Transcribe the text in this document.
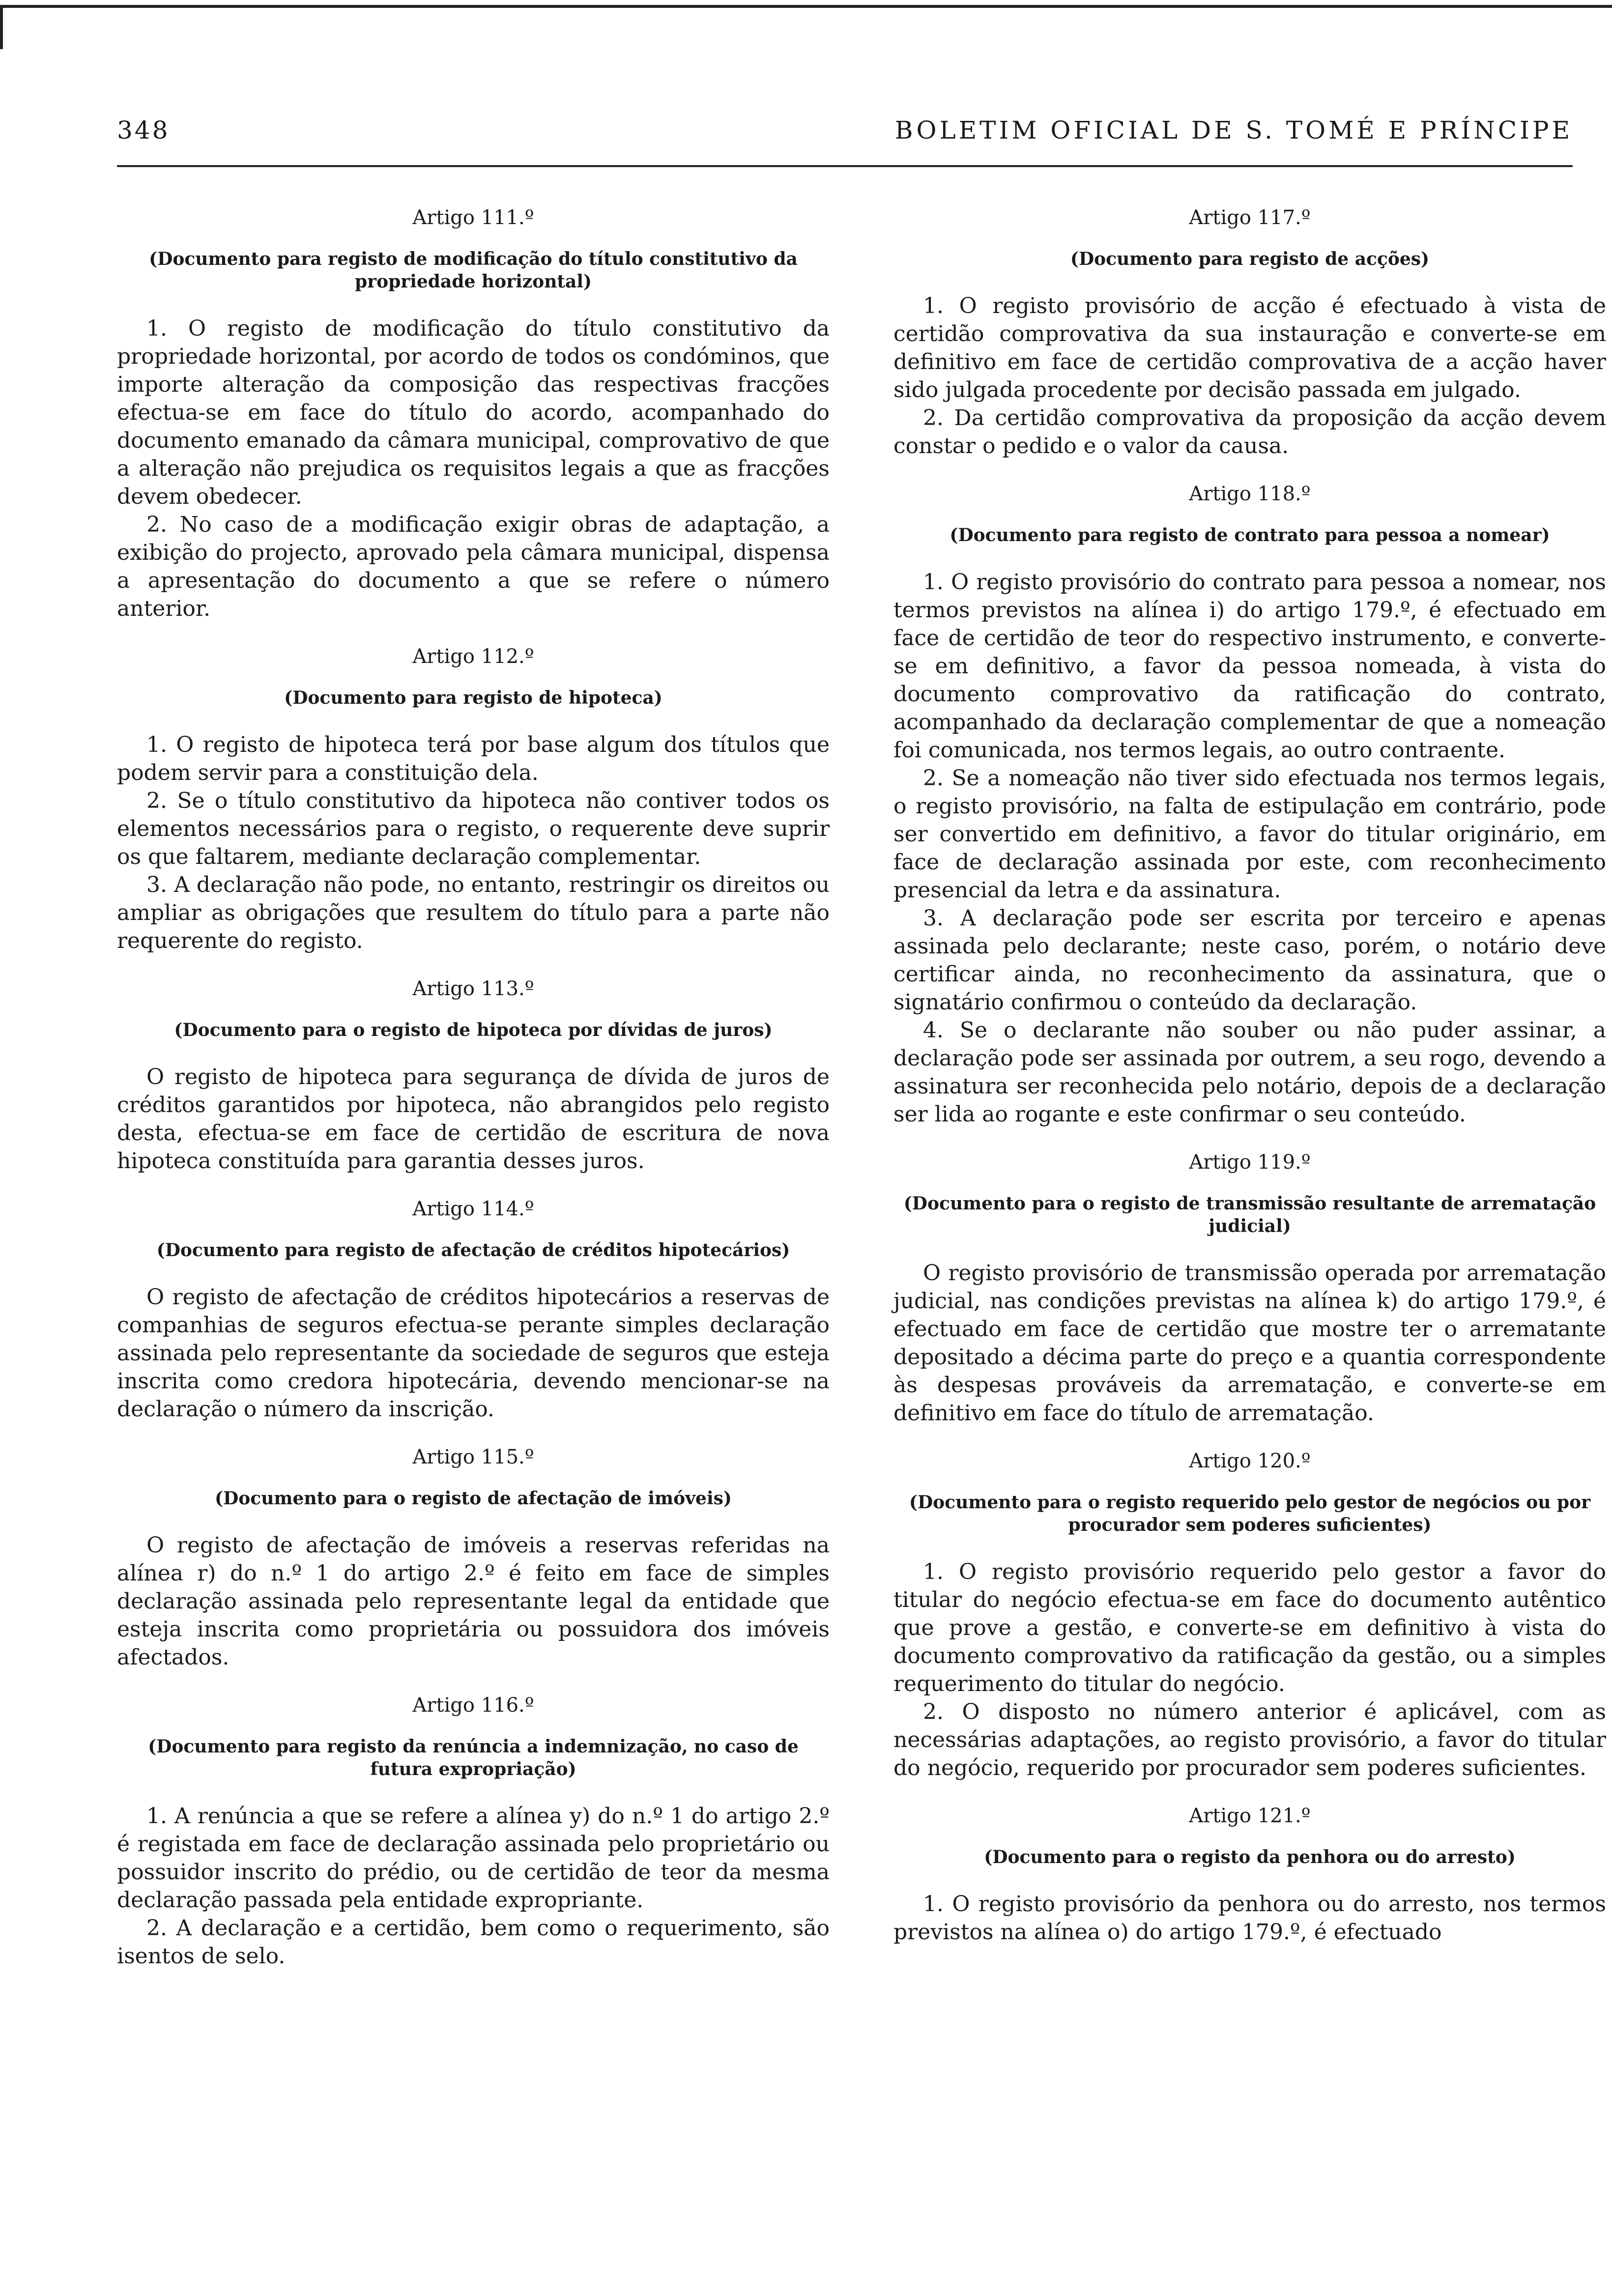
348	BOLETIM OFICIAL DE S. TOMÉ E PRÍNCIPE
Artigo 111.º
(Documento para registo de modificação do título constitutivo da propriedade horizontal)

1. O registo de modificação do título constitutivo da propriedade horizontal, por acordo de todos os condóminos, que importe alteração da composição das respectivas fracções efectua-se em face do título do acordo, acompanhado do documento emanado da câmara municipal, comprovativo de que a alteração não prejudica os requisitos legais a que as fracções devem obedecer.

2. No caso de a modificação exigir obras de adaptação, a exibição do projecto, aprovado pela câmara municipal, dispensa a apresentação do documento a que se refere o número anterior.

Artigo 112.º
(Documento para registo de hipoteca)

1. O registo de hipoteca terá por base algum dos títulos que podem servir para a constituição dela.

2. Se o título constitutivo da hipoteca não contiver todos os elementos necessários para o registo, o requerente deve suprir os que faltarem, mediante declaração complementar.

3. A declaração não pode, no entanto, restringir os direitos ou ampliar as obrigações que resultem do título para a parte não requerente do registo.

Artigo 113.º
(Documento para o registo de hipoteca por dívidas de juros)

O registo de hipoteca para segurança de dívida de juros de créditos garantidos por hipoteca, não abrangidos pelo registo desta, efectua-se em face de certidão de escritura de nova hipoteca constituída para garantia desses juros.

Artigo 114.º
(Documento para registo de afectação de créditos hipotecários)

O registo de afectação de créditos hipotecários a reservas de companhias de seguros efectua-se perante simples declaração assinada pelo representante da sociedade de seguros que esteja inscrita como credora hipotecária, devendo mencionar-se na declaração o número da inscrição.

Artigo 115.º
(Documento para o registo de afectação de imóveis)

O registo de afectação de imóveis a reservas referidas na alínea r) do n.º 1 do artigo 2.º é feito em face de simples declaração assinada pelo representante legal da entidade que esteja inscrita como proprietária ou possuidora dos imóveis afectados.

Artigo 116.º
(Documento para registo da renúncia a indemnização, no caso de futura expropriação)

1. A renúncia a que se refere a alínea y) do n.º 1 do artigo 2.º é registada em face de declaração assinada pelo proprietário ou possuidor inscrito do prédio, ou de certidão de teor da mesma declaração passada pela entidade expropriante.

2. A declaração e a certidão, bem como o requerimento, são isentos de selo.

Artigo 117.º
(Documento para registo de acções)

1. O registo provisório de acção é efectuado à vista de certidão comprovativa da sua instauração e converte-se em definitivo em face de certidão comprovativa de a acção haver sido julgada procedente por decisão passada em julgado.

2. Da certidão comprovativa da proposição da acção devem constar o pedido e o valor da causa.

Artigo 118.º
(Documento para registo de contrato para pessoa a nomear)

1. O registo provisório do contrato para pessoa a nomear, nos termos previstos na alínea i) do artigo 179.º, é efectuado em face de certidão de teor do respectivo instrumento, e converte-se em definitivo, a favor da pessoa nomeada, à vista do documento comprovativo da ratificação do contrato, acompanhado da declaração complementar de que a nomeação foi comunicada, nos termos legais, ao outro contraente.

2. Se a nomeação não tiver sido efectuada nos termos legais, o registo provisório, na falta de estipulação em contrário, pode ser convertido em definitivo, a favor do titular originário, em face de declaração assinada por este, com reconhecimento presencial da letra e da assinatura.

3. A declaração pode ser escrita por terceiro e apenas assinada pelo declarante; neste caso, porém, o notário deve certificar ainda, no reconhecimento da assinatura, que o signatário confirmou o conteúdo da declaração.

4. Se o declarante não souber ou não puder assinar, a declaração pode ser assinada por outrem, a seu rogo, devendo a assinatura ser reconhecida pelo notário, depois de a declaração ser lida ao rogante e este confirmar o seu conteúdo.

Artigo 119.º
(Documento para o registo de transmissão resultante de arrematação judicial)

O registo provisório de transmissão operada por arrematação judicial, nas condições previstas na alínea k) do artigo 179.º, é efectuado em face de certidão que mostre ter o arrematante depositado a décima parte do preço e a quantia correspondente às despesas prováveis da arrematação, e converte-se em definitivo em face do título de arrematação.

Artigo 120.º
(Documento para o registo requerido pelo gestor de negócios ou por procurador sem poderes suficientes)

1. O registo provisório requerido pelo gestor a favor do titular do negócio efectua-se em face do documento autêntico que prove a gestão, e converte-se em definitivo à vista do documento comprovativo da ratificação da gestão, ou a simples requerimento do titular do negócio.

2. O disposto no número anterior é aplicável, com as necessárias adaptações, ao registo provisório, a favor do titular do negócio, requerido por procurador sem poderes suficientes.

Artigo 121.º
(Documento para o registo da penhora ou do arresto)

1. O registo provisório da penhora ou do arresto, nos termos previstos na alínea o) do artigo 179.º, é efectuado
